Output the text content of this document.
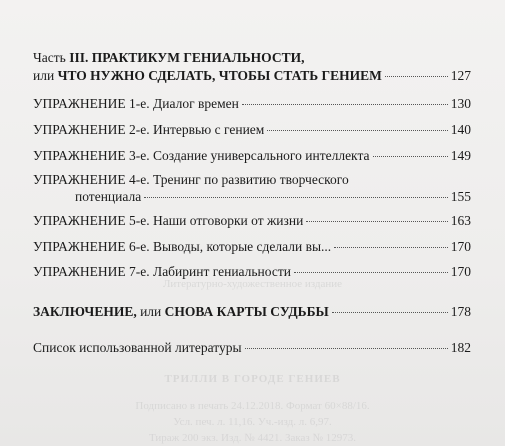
Литературно-художественное издание
ТРИЛЛИ В ГОРОДЕ ГЕНИЕВ
Подписано в печать 24.12.2018. Формат 60×88/16.
Усл. печ. л. 11,16. Уч.-изд. л. 6,97.
Тираж 200 экз. Изд. № 4421. Заказ № 12973.
Часть III. ПРАКТИКУМ ГЕНИАЛЬНОСТИ,
или ЧТО НУЖНО СДЕЛАТЬ, ЧТОБЫ СТАТЬ ГЕНИЕМ	127
УПРАЖНЕНИЕ 1-е. Диалог времен	130
УПРАЖНЕНИЕ 2-е. Интервью с гением	140
УПРАЖНЕНИЕ 3-е. Создание универсального интеллекта	149
УПРАЖНЕНИЕ 4-е. Тренинг по развитию творческого
потенциала	155
УПРАЖНЕНИЕ 5-е. Наши отговорки от жизни	163
УПРАЖНЕНИЕ 6-е. Выводы, которые сделали вы...	170
УПРАЖНЕНИЕ 7-е. Лабиринт гениальности	170
ЗАКЛЮЧЕНИЕ, или СНОВА КАРТЫ СУДЬБЫ	178
Список использованной литературы	182
